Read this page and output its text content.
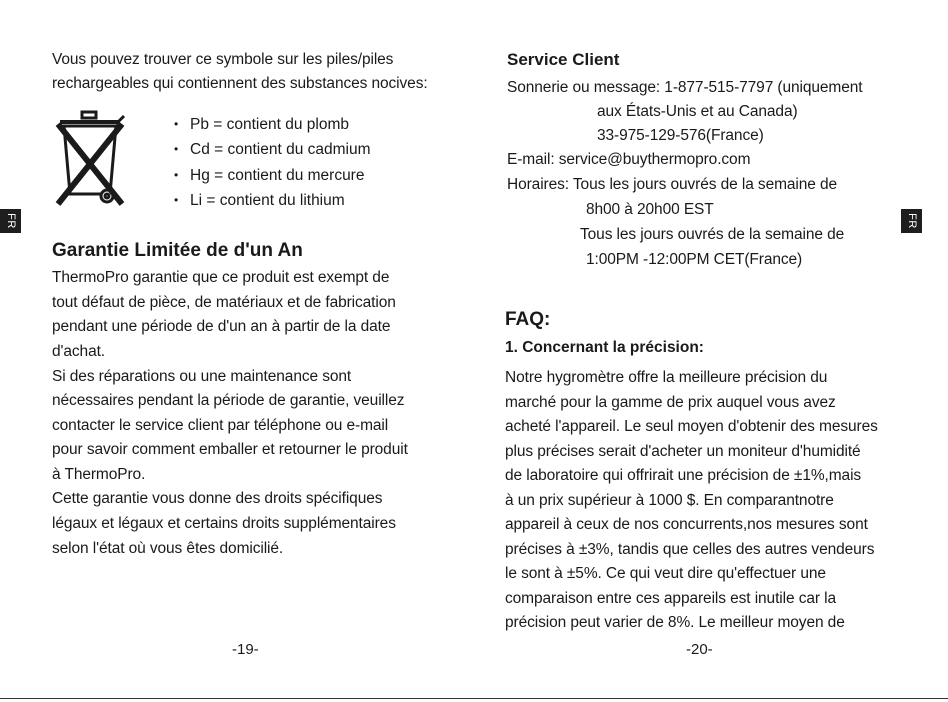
FR
Vous pouvez trouver ce symbole sur les piles/piles
rechargeables qui contiennent des substances nocives:
• Pb = contient du plomb
• Cd = contient du cadmium
• Hg = contient du mercure
• Li = contient du lithium
Garantie Limitée de d'un An
ThermoPro garantie que ce produit est exempt de
tout défaut de pièce, de matériaux et de fabrication
pendant une période de d'un an à partir de la date
d'achat.
Si des réparations ou une maintenance sont
nécessaires pendant la période de garantie, veuillez
contacter le service client par téléphone ou e-mail
pour savoir comment emballer et retourner le produit
à ThermoPro.
Cette garantie vous donne des droits spécifiques
légaux et légaux et certains droits supplémentaires
selon l'état où vous êtes domicilié.
-19-
FR
Service Client
Sonnerie ou message: 1-877-515-7797 (uniquement
aux États-Unis et au Canada)
33-975-129-576(France)
E-mail: service@buythermopro.com
Horaires: Tous les jours ouvrés de la semaine de
8h00 à 20h00 EST
Tous les jours ouvrés de la semaine de
1:00PM -12:00PM CET(France)
FAQ:
1. Concernant la précision:
Notre hygromètre offre la meilleure précision du
marché pour la gamme de prix auquel vous avez
acheté l'appareil. Le seul moyen d'obtenir des mesures
plus précises serait d'acheter un moniteur d'humidité
de laboratoire qui offrirait une précision de ±1%,mais
à un prix supérieur à 1000 $. En comparantnotre
appareil à ceux de nos concurrents,nos mesures sont
précises à ±3%, tandis que celles des autres vendeurs
le sont à ±5%. Ce qui veut dire qu'effectuer une
comparaison entre ces appareils est inutile car la
précision peut varier de 8%. Le meilleur moyen de
-20-
